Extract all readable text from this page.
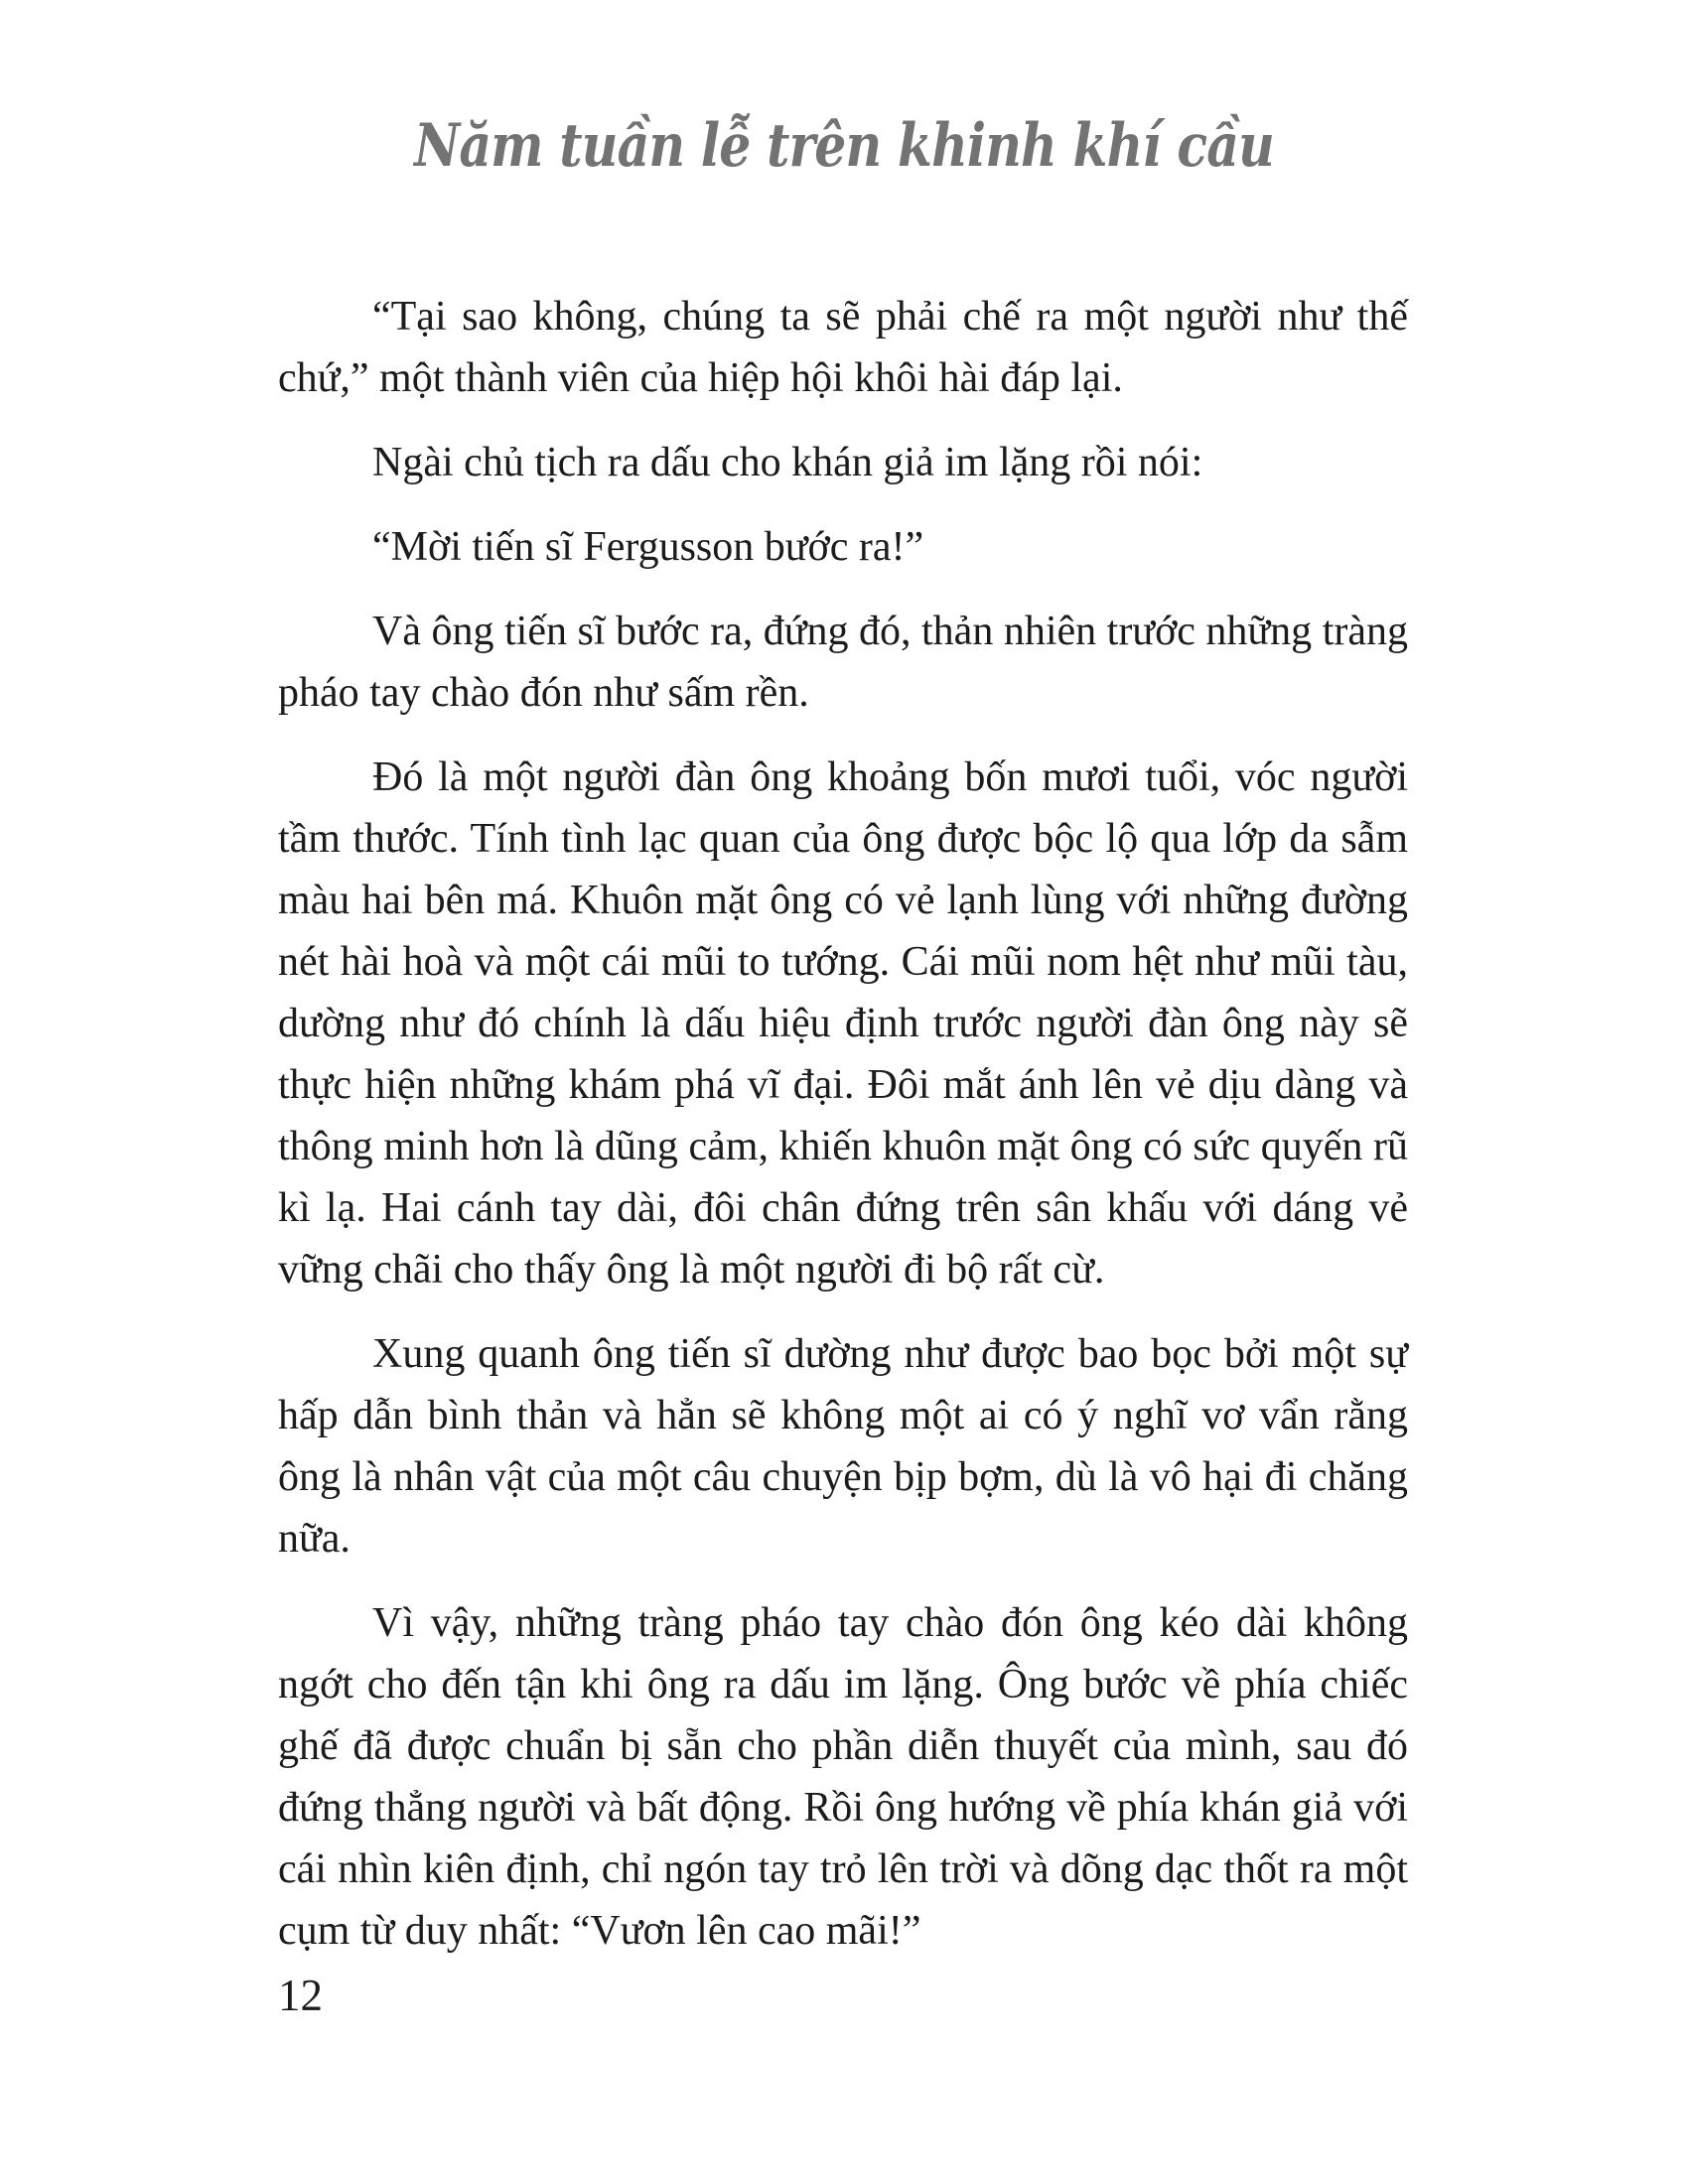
Năm tuần lễ trên khinh khí cầu

“Tại sao không, chúng ta sẽ phải chế ra một người như thế chứ,” một thành viên của hiệp hội khôi hài đáp lại.

Ngài chủ tịch ra dấu cho khán giả im lặng rồi nói:

“Mời tiến sĩ Fergusson bước ra!”

Và ông tiến sĩ bước ra, đứng đó, thản nhiên trước những tràng pháo tay chào đón như sấm rền.

Đó là một người đàn ông khoảng bốn mươi tuổi, vóc người tầm thước. Tính tình lạc quan của ông được bộc lộ qua lớp da sẫm màu hai bên má. Khuôn mặt ông có vẻ lạnh lùng với những đường nét hài hoà và một cái mũi to tướng. Cái mũi nom hệt như mũi tàu, dường như đó chính là dấu hiệu định trước người đàn ông này sẽ thực hiện những khám phá vĩ đại. Đôi mắt ánh lên vẻ dịu dàng và thông minh hơn là dũng cảm, khiến khuôn mặt ông có sức quyến rũ kì lạ. Hai cánh tay dài, đôi chân đứng trên sân khấu với dáng vẻ vững chãi cho thấy ông là một người đi bộ rất cừ.

Xung quanh ông tiến sĩ dường như được bao bọc bởi một sự hấp dẫn bình thản và hẳn sẽ không một ai có ý nghĩ vơ vẩn rằng ông là nhân vật của một câu chuyện bịp bợm, dù là vô hại đi chăng nữa.

Vì vậy, những tràng pháo tay chào đón ông kéo dài không ngớt cho đến tận khi ông ra dấu im lặng. Ông bước về phía chiếc ghế đã được chuẩn bị sẵn cho phần diễn thuyết của mình, sau đó đứng thẳng người và bất động. Rồi ông hướng về phía khán giả với cái nhìn kiên định, chỉ ngón tay trỏ lên trời và dõng dạc thốt ra một cụm từ duy nhất: “Vươn lên cao mãi!”

12
